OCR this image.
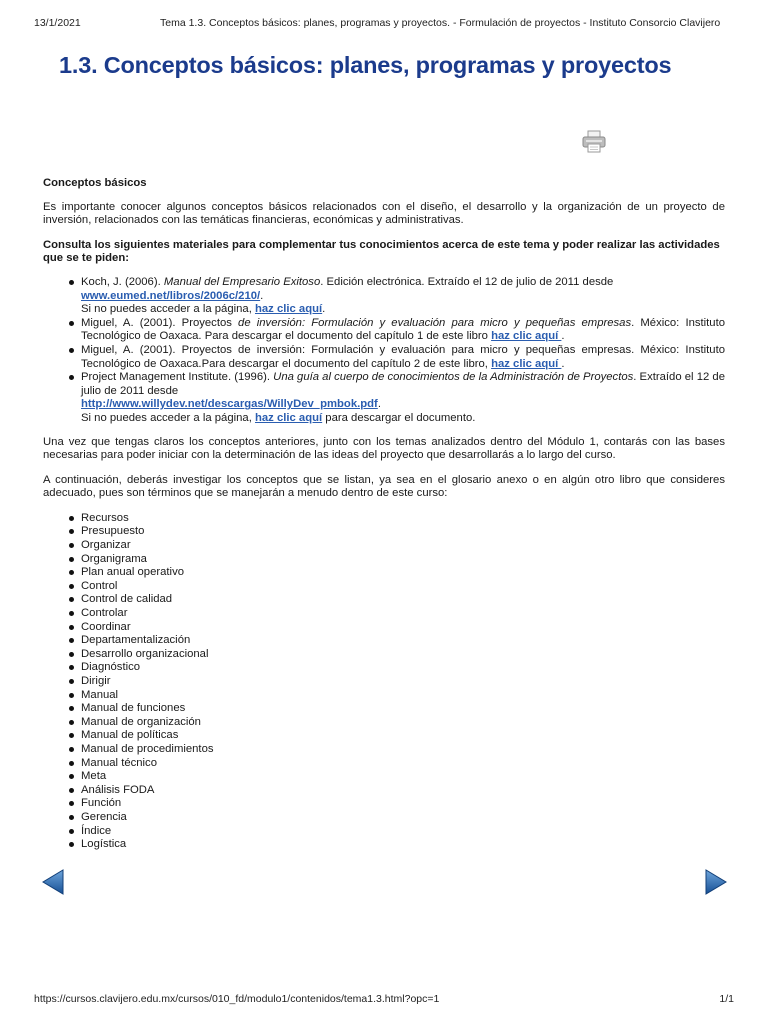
13/1/2021	Tema 1.3. Conceptos básicos: planes, programas y proyectos. - Formulación de proyectos - Instituto Consorcio Clavijero
1.3. Conceptos básicos: planes, programas y proyectos
Conceptos básicos

Es importante conocer algunos conceptos básicos relacionados con el diseño, el desarrollo y la organización de un proyecto de inversión, relacionados con las temáticas financieras, económicas y administrativas.

Consulta los siguientes materiales para complementar tus conocimientos acerca de este tema y poder realizar las actividades que se te piden:

Koch, J. (2006). Manual del Empresario Exitoso. Edición electrónica. Extraído el 12 de julio de 2011 desde
www.eumed.net/libros/2006c/210/.
Si no puedes acceder a la página, haz clic aquí.
Miguel, A. (2001). Proyectos de inversión: Formulación y evaluación para micro y pequeñas empresas. México: Instituto Tecnológico de Oaxaca. Para descargar el documento del capítulo 1 de este libro haz clic aquí .
Miguel, A. (2001). Proyectos de inversión: Formulación y evaluación para micro y pequeñas empresas. México: Instituto Tecnológico de Oaxaca.Para descargar el documento del capítulo 2 de este libro, haz clic aquí .
Project Management Institute. (1996). Una guía al cuerpo de conocimientos de la Administración de Proyectos. Extraído el 12 de julio de 2011 desde
http://www.willydev.net/descargas/WillyDev_pmbok.pdf.
Si no puedes acceder a la página, haz clic aquí para descargar el documento.

Una vez que tengas claros los conceptos anteriores, junto con los temas analizados dentro del Módulo 1, contarás con las bases necesarias para poder iniciar con la determinación de las ideas del proyecto que desarrollarás a lo largo del curso.

A continuación, deberás investigar los conceptos que se listan, ya sea en el glosario anexo o en algún otro libro que consideres adecuado, pues son términos que se manejarán a menudo dentro de este curso:

Recursos
Presupuesto
Organizar
Organigrama
Plan anual operativo
Control
Control de calidad
Controlar
Coordinar
Departamentalización
Desarrollo organizacional
Diagnóstico
Dirigir
Manual
Manual de funciones
Manual de organización
Manual de políticas
Manual de procedimientos
Manual técnico
Meta
Análisis FODA
Función
Gerencia
Índice
Logística
https://cursos.clavijero.edu.mx/cursos/010_fd/modulo1/contenidos/tema1.3.html?opc=1	1/1
